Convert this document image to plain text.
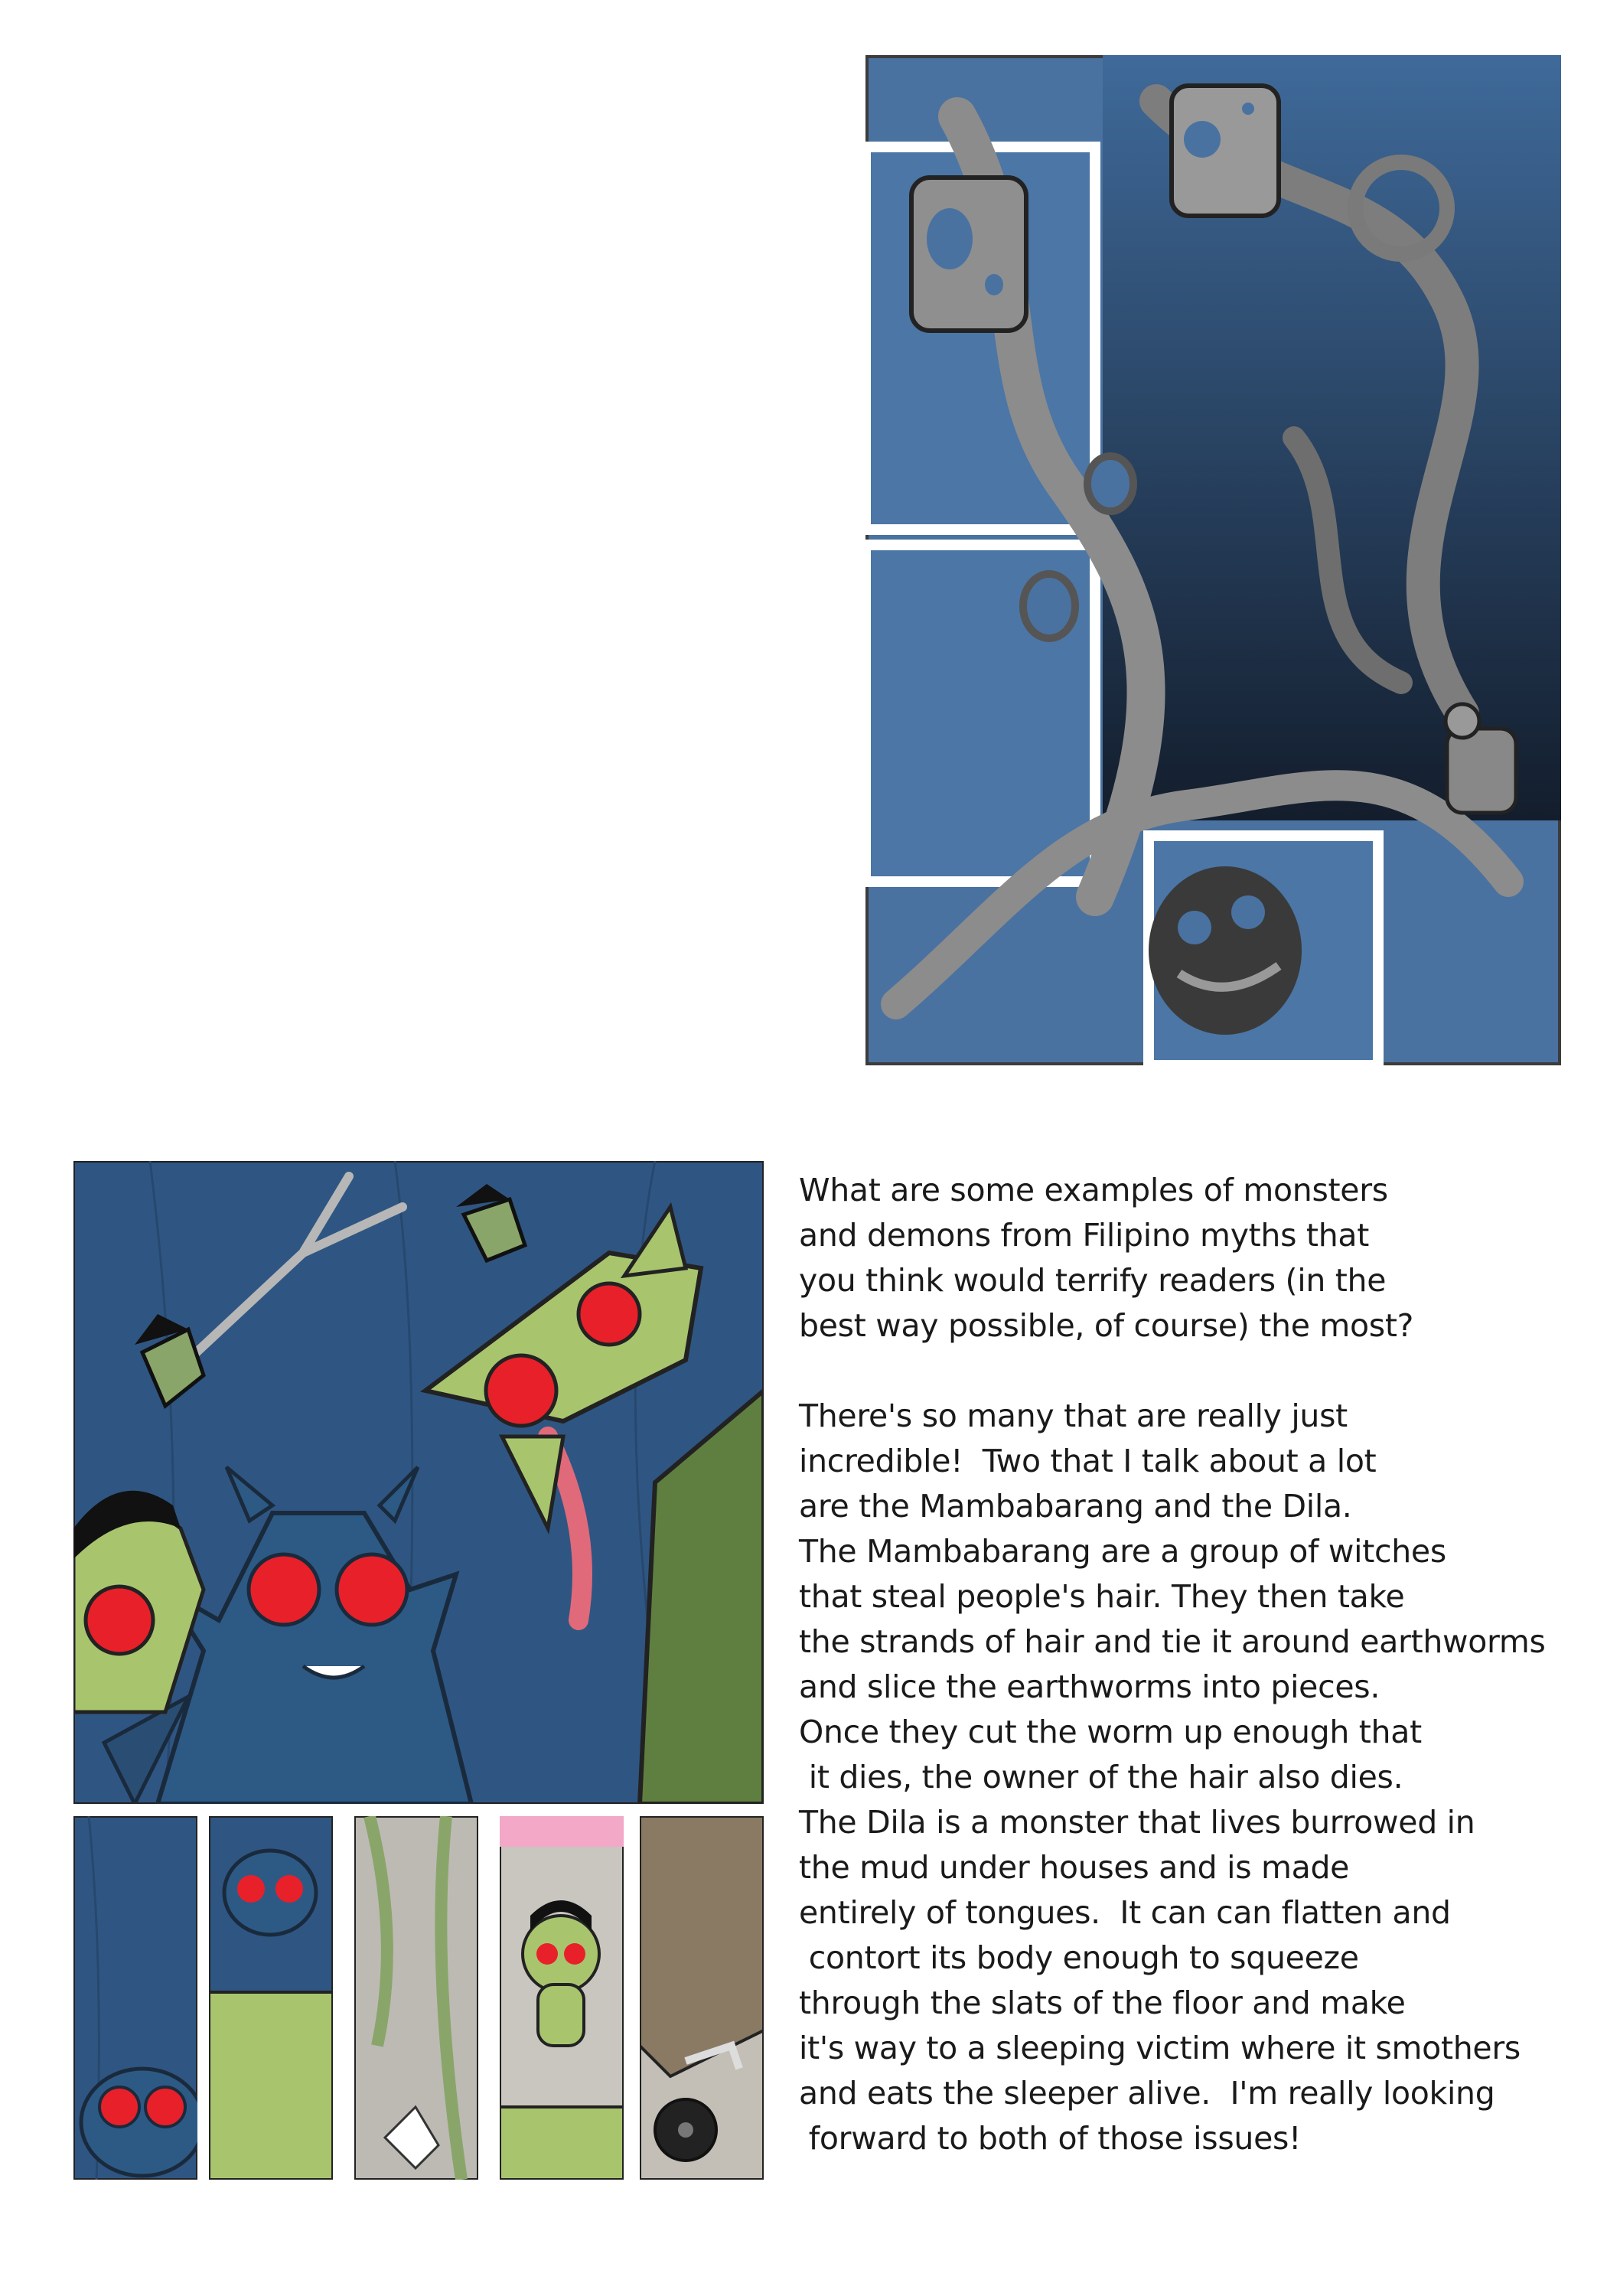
What are some examples of monsters
and demons from Filipino myths that
you think would terrify readers (in the
best way possible, of course) the most?

There's so many that are really just
incredible!  Two that I talk about a lot
are the Mambabarang and the Dila.
The Mambabarang are a group of witches
that steal people's hair. They then take
the strands of hair and tie it around earthworms
and slice the earthworms into pieces.
Once they cut the worm up enough that
it dies, the owner of the hair also dies.
The Dila is a monster that lives burrowed in
the mud under houses and is made
entirely of tongues.  It can can flatten and
contort its body enough to squeeze
through the slats of the floor and make
it's way to a sleeping victim where it smothers
and eats the sleeper alive.  I'm really looking
forward to both of those issues!
